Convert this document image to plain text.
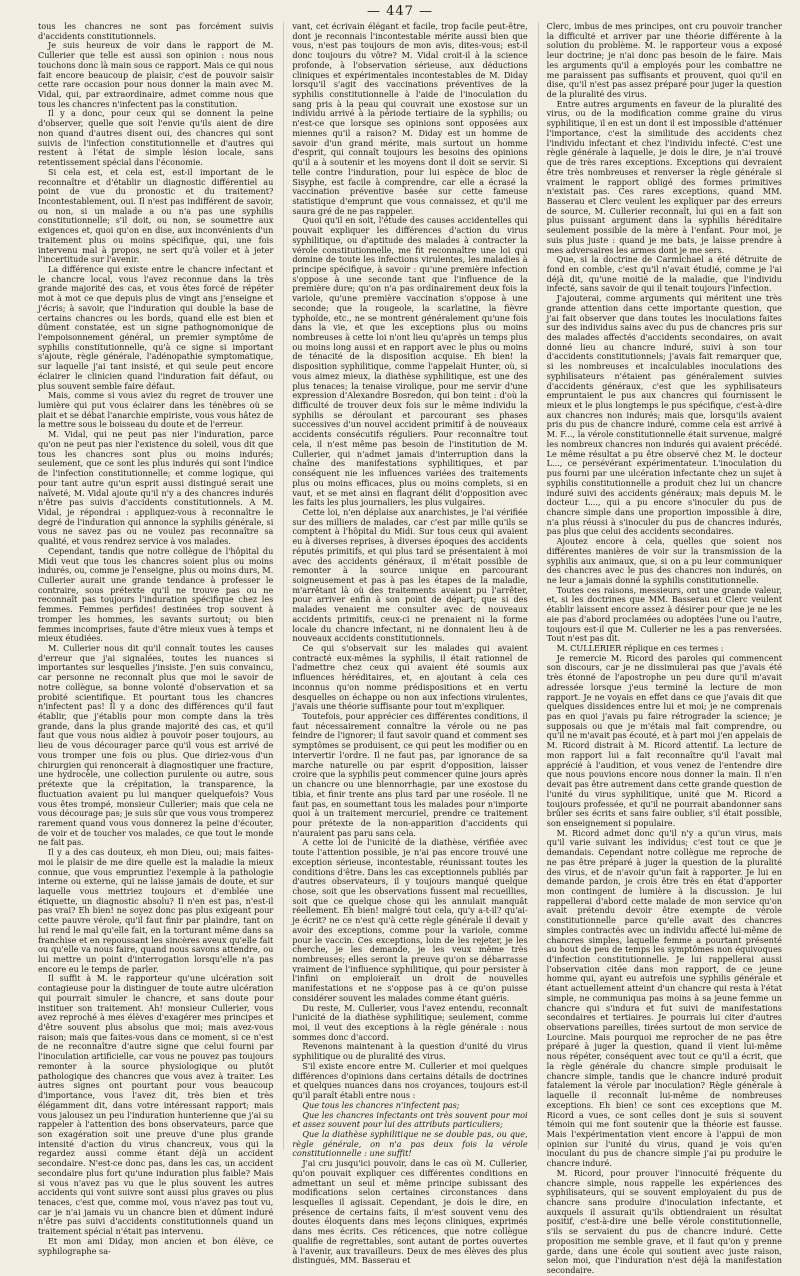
— 447 —

tous les chancres ne sont pas forcément suivis d'accidents constitutionnels.

Je suis heureux de voir dans le rapport de M. Cullerier que telle est aussi son opinion : nous nous touchons donc là main sous ce rapport. Mais ce qui nous fait encore beaucoup de plaisir, c'est de pouvoir saisir cette rare occasion pour nous donner la main avec M. Vidal, qui, par extraordinaire, admet comme nous que tous les chancres n'infectent pas la constitution.

Il y a donc, pour ceux qui se donnent la peine d'observer, quelle que soit l'envie qu'ils aient de dire non quand d'autres disent oui, des chancres qui sont suivis de l'infection constitutionnelle et d'autres qui restent à l'état de simple lésion locale, sans retentissement spécial dans l'économie.

Si cela est, et cela est, est-il important de le reconnaître et d'établir un diagnostic différentiel au point de vue du pronostic et du traitement? Incontestablement, oui. Il n'est pas indifférent de savoir, ou non, si un malade a ou n'a pas une syphilis constitutionnelle; s'il doit, ou non, se soumettre aux exigences et, quoi qu'on en dise, aux inconvénients d'un traitement plus ou moins spécifique, qui, une fois intervenu mal à propos, ne sert qu'à voiler et à jeter l'incertitude sur l'avenir.

La différence qui existe entre le chancre infectant et le chancre local, vous l'avez reconnue dans la très grande majorité des cas, et vous êtes forcé de répéter mot à mot ce que depuis plus de vingt ans j'enseigne et j'écris; à savoir, que l'induration qui double la base de certains chancres ou les bords, quand elle est bien et dûment constatée, est un signe pathognomonique de l'empoisonnement général, un premier symptôme de syphilis constitutionnelle, qu'à ce signe si important s'ajoute, règle générale, l'adénopathie symptomatique, sur laquelle j'ai tant insisté, et qui seule peut encore éclairer le clinicien quand l'induration fait défaut, ou plus souvent semble faire défaut.

Mais, comme si vous aviez du regret de trouver une lumière qui put vous éclairer dans les ténèbres où se plait et se débat l'anarchie empiriste, vous vous hâtez de la mettre sous le boisseau du doute et de l'erreur.

M. Vidal, qui ne peut pas nier l'induration, parce qu'on ne peut pas nier l'existence du soleil, vous dit que tous les chancres sont plus ou moins indurés; seulement, que ce sont les plus indurés qui sont l'indice de l'infection constitutionnelle; et comme logique, qui pour tant autre qu'un esprit aussi distingué serait une naïveté, M. Vidal ajoute qu'il n'y a des chancres indurés n'être pas suivis d'accidents constitutionnels. A M. Vidal, je répondrai : appliquez-vous à reconnaître le degré de l'induration qui annonce la syphilis générale, si vous ne savez pas ou ne voulez pas reconnaître sa qualité, et vous rendrez service à vos malades.

Cependant, tandis que notre collègue de l'hôpital du Midi veut que tous les chancres soient plus ou moins indurés, ou, comme je l'enseigne, plus ou moins durs, M. Cullerier aurait une grande tendance à professer le contraire, sous prétexte qu'il ne trouve pas ou ne reconnaît pas toujours l'induration spécifique chez les femmes. Femmes perfides! destinées trop souvent à tromper les hommes, les savants surtout; ou bien femmes incomprises, faute d'être mieux vues à temps et mieux étudiées.

M. Cullerier nous dit qu'il connaît toutes les causes d'erreur que j'ai signalées, toutes les nuances si importantes sur lesquelles j'insiste. J'en suis convaincu, car personne ne reconnaît plus que moi le savoir de notre collègue, sa bonne volonté d'observation et sa probité scientifique. Et pourtant tous les chancres n'infectent pas! Il y a donc des différences qu'il faut établir, que j'établis pour mon compte dans la très grande, dans la plus grande majorité des cas, et qu'il faut que vous nous aidiez à pouvoir poser toujours, au lieu de vous décourager parce qu'il vous est arrivé de vous tromper une fois ou plus. Que diriez-vous d'un chirurgien qui renoncerait à diagnostiquer une fracture, une hydrocèle, une collection purulente ou autre, sous prétexte que la crépitation, la transparence, la fluctuation avaient pu lui manquer quelquefois? Vous vous êtes trompé, monsieur Cullerier; mais que cela ne vous décourage pas; je suis sûr que vous vous tromperez rarement quand vous vous donnerez la peine d'écouter, de voir et de toucher vos malades, ce que tout le monde ne fait pas.

Il y a des cas douteux, eh mon Dieu, oui; mais faites-moi le plaisir de me dire quelle est la maladie la mieux connue, que vous empruntiez l'exemple à la pathologie interne ou externe, qui ne laisse jamais de doute, et sur laquelle vous mettriez toujours et d'emblée une étiquette, un diagnostic absolu? Il n'en est pas, n'est-il pas vrai? Eh bien! ne soyez donc pas plus exigeant pour cette pauvre vérole, qu'il faut finir par plaindre, tant on lui rend le mal qu'elle fait, en la torturant même dans sa franchise et en repoussant les sincères aveux qu'elle fait ou qu'elle va nous faire, quand nous savons attendre, ou lui mettre un point d'interrogation lorsqu'elle n'a pas encore eu le temps de parler.

Il suffit à M. le rapporteur qu'une ulcération soit contagieuse pour la distinguer de toute autre ulcération qui pourrait simuler le chancre, et sans doute pour instituer son traitement. Ah! monsieur Cullerier, vous avez reproché à mes élèves d'exagérer mes principes et d'être souvent plus absolus que moi; mais avez-vous raison; mais que faites-vous dans ce moment, si ce n'est de ne reconnaître d'autre signe que celui fourni par l'inoculation artificielle, car vous ne pouvez pas toujours remonter à la source physiologique ou plutôt pathologique des chancres que vous avez à traiter. Les autres signes ont pourtant pour vous beaucoup d'importance, vous l'avez dit, très bien et très élégamment dit, dans votre intéressant rapport; mais vous jalousez un peu l'induration hunterienne que j'ai su rappeler à l'attention des bons observateurs, parce que son exagération soit une preuve d'une plus grande intensité d'action du virus chancreux, vous qui la regardez aussi comme étant déjà un accident secondaire. N'est-ce donc pas, dans les cas, un accident secondaire plus fort qu'une induration plus faible? Mais si vous n'avez pas vu que le plus souvent les autres accidents qui vont suivre sont aussi plus graves ou plus tenaces, c'est que, comme moi, vous n'avez pas tout vu, car je n'ai jamais vu un chancre bien et dûment induré n'être pas suivi d'accidents constitutionnels quand un traitement spécial n'était pas intervenu.

Et mon ami Diday, mon ancien et bon élève, ce syphilographe sa-

vant, cet écrivain élégant et facile, trop facile peut-être, dont je reconnais l'incontestable mérite aussi bien que vous, n'est pas toujours de mon avis, dites-vous; est-il donc toujours du vôtre? M. Vidal croit-il à la science profonde, à l'observation sérieuse, aux déductions cliniques et expérimentales incontestables de M. Diday lorsqu'il s'agit des vaccinations préventives de la syphilis constitutionnelle à l'aide de l'inoculation du sang pris à la peau qui couvrait une exostose sur un individu arrivé à la période tertiaire de la syphilis; ou n'est-ce que lorsque ses opinions sont opposées aux miennes qu'il a raison? M. Diday est un homme de savoir d'un grand mérite, mais surtout un homme d'esprit, qui connaît toujours les besoins des opinions qu'il a à soutenir et les moyens dont il doit se servir. Si telle contre l'induration, pour lui espèce de bloc de Sisyphe, est facile à comprendre, car elle a écrasé la vaccination préventive basée sur cette fameuse statistique d'emprunt que vous connaissez, et qu'il me saura gré de ne pas rappeler.

Quoi qu'il en soit, l'étude des causes accidentelles qui pouvait expliquer les différences d'action du virus syphilitique, ou d'aptitude des malades à contracter la vérole constitutionnelle, me fit reconnaître une loi qui domine de toute les infections virulentes, les maladies à principe spécifique, à savoir : qu'une première infection s'oppose à une seconde tant que l'influence de la première dure; qu'on n'a pas ordinairement deux fois la variole, qu'une première vaccination s'oppose à une seconde; que la rougeole, la scarlatine, la fièvre typhoïde, etc., ne se montrent généralement qu'une fois dans la vie, et que les exceptions plus ou moins nombreuses à cette loi n'ont lieu qu'après un temps plus ou moins long aussi et en rapport avec le plus ou moins de ténacité de la disposition acquise. Eh bien! la disposition syphilitique, comme l'appelait Hunter, où, si vous aimez mieux, la diathèse syphilitique, est une des plus tenaces; la tenaise virolique, pour me servir d'une expression d'Alexandre Bosredon, qui bon teint : d'où la difficulté de trouver deux fois sur le même individu la syphilis se déroulant et parcourant ses phases successives d'un nouvel accident primitif à de nouveaux accidents consécutifs réguliers. Pour reconnaître tout cela, il n'est même pas besoin de l'institution de M. Cullerier, qui n'admet jamais d'interruption dans la chaîne des manifestations syphilitiques, et par conséquent nie les influences variées des traitements plus ou moins efficaces, plus ou moins complets, si en vaut, et se met ainsi en flagrant délit d'opposition avec les faits les plus journaliers, les plus vulgaires.

Cette loi, n'en déplaise aux anarchistes, je l'ai vérifiée sur des milliers de malades, car c'est par mille qu'ils se comptent à l'hôpital du Midi. Sur tous ceux qui avaient eu à diverses reprises, à diverses époques des accidents réputés primitifs, et qui plus tard se présentaient à moi avec des accidents généraux, il m'était possible de remonter à la source unique en parcourant soigneusement et pas à pas les étapes de la maladie, m'arrêtant là où des traitements avaient pu l'arrêter, pour arriver enfin à son point de départ; que si des malades venaient me consulter avec de nouveaux accidents primitifs, ceux-ci ne prenaient ni la forme locale du chancre infectant, ni ne donnaient lieu à de nouveaux accidents constitutionnels.

Ce qui s'observait sur les malades qui avaient contracté eux-mêmes la syphilis, il était rationnel de l'admettre chez ceux qui avaient été soumis aux influences héréditaires, et, en ajoutant à cela ces inconnus qu'on nomme prédispositions et en vertu desquelles on échappe ou non aux infections virulentes, j'avais une théorie suffisante pour tout m'expliquer.

Toutefois, pour apprécier ces différentes conditions, il faut nécessairement connaître la vérole ou ne pas feindre de l'ignorer; il faut savoir quand et comment ses symptômes se produisent, ce qui peut les modifier ou en intervertir l'ordre. Il ne faut pas, par ignorance de sa marche naturelle ou par esprit d'opposition, laisser croire que la syphilis peut commencer quine jours après un chancre ou une blennorrhagie, par une exostose du tibia, et finir trente ans plus tard par une roséole. Il ne faut pas, en soumettant tous les malades pour n'importe quoi à un traitement mercuriel, prendre ce traitement pour prétexte de la non-apparition d'accidents qui n'auraient pas paru sans cela.

A cette loi de l'unicité de la diathèse, vérifiée avec toute l'attention possible, je n'ai pas encore trouvé une exception sérieuse, incontestable, réunissant toutes les conditions d'être. Dans les cas exceptionnels publiés par d'autres observateurs, il y toujours manqué quelque chose, soit que les observations fussent mal recueillies, soit que ce quelque chose qui les annulait manquât réellement. Eh bien! malgré tout cela, qu'y a-t-il? qu'ai-je écrit? ne ce n'est qu'à cette règle générale il devait y avoir des exceptions, comme pour la variole, comme pour le vaccin. Ces exceptions, loin de les rejeter, je les cherche, je les demande, je les veux même très nombreuses; elles seront la preuve qu'on se débarrasse vraiment de l'influence syphilitique, qui pour persister à l'infini on emploierait un droit de nouvelles manifestations et ne s'oppose pas à ce qu'on puisse considérer souvent les malades comme étant guéris.

Du reste, M. Cullerier, vous l'avez entendu, reconnaît l'unicité de la diathèse syphilitique; seulement, comme moi, il veut des exceptions à la règle générale : nous sommes donc d'accord.

Revenons maintenant à la question d'unité du virus syphilitique ou de pluralité des virus.

S'il existe encore entre M. Cullerier et moi quelques différences d'opinions dans certains détails de doctrines et quelques nuances dans nos croyances, toujours est-il qu'il paraît établi entre nous :

Que tous les chancres n'infectent pas;

Que les chancres infectants ont très souvent pour moi et assez souvent pour lui des attributs particuliers;

Que la diathèse syphilitique ne se double pas, ou que, règle générale, on n'a pas deux fois la vérole constitutionnelle : une suffit!

J'ai cru jusqu'ici pouvoir, dans le cas où M. Cullerier, qu'on pouvait expliquer ces différentes conditions en admettant un seul et même principe subissant des modifications selon certaines circonstances dans lesquelles il agissait. Cependant, je dois le dire, en présence de certains faits, il m'est souvent venu des doutes éloquents dans mes leçons cliniques, exprimés dans mes écrits. Ces réticences, que notre collègue qualifie de regrettables, sont autant de portes ouvertes à l'avenir, aux travailleurs. Deux de mes élèves des plus distingués, MM. Basserau et

Clerc, imbus de mes principes, ont cru pouvoir trancher la difficulté et arriver par une théorie différente à la solution du problème. M. le rapporteur vous a exposé leur doctrine; je n'ai donc pas besoin de le faire. Mais les arguments qu'il a employés pour les combattre ne me paraissent pas suffisants et prouvent, quoi qu'il en dise, qu'il n'est pas assez préparé pour juger la question de la pluralité des virus.

Entre autres arguments en faveur de la pluralité des virus, ou de la modification comme graine du virus syphilitique, il en est un dont il est impossible d'atténuer l'importance, c'est la similitude des accidents chez l'individu infectant et chez l'individu infecté. C'est une règle générale à laquelle, je dois le dire, je n'ai trouvé que de très rares exceptions. Exceptions qui devraient être très nombreuses et renverser la règle générale si vraiment le rapport obligé des formes primitives n'existait pas. Ces rares exceptions, quand MM. Basserau et Clerc veulent les expliquer par des erreurs de source, M. Cullerier reconnaît, lui qui en a fait son plus puissant argument dans la syphilis héréditaire seulement possible de la mère à l'enfant. Pour moi, je suis plus juste : quand je me bats, je laisse prendre à mes adversaires les armes dont je me sers.

Que, si la doctrine de Carmichael a été détruite de fond en comble, c'est qu'il n'avait étudié, comme je l'ai déjà dit, qu'une moitié de la maladie, que l'individu infecté, sans savoir de qui il tenait toujours l'infection.

J'ajouterai, comme arguments qui méritent une très grande attention dans cette importante question, que j'ai fait observer que dans toutes les inoculations faites sur des individus sains avec du pus de chancres pris sur des malades affectés d'accidents secondaires, on avait donné lieu au chancre induré, suivi à son tour d'accidents constitutionnels; j'avais fait remarquer que, si les nombreuses et incalculables inoculations des syphilisateurs n'étaient pas généralement suivies d'accidents généraux, c'est que les syphilisateurs empruntaient le pus aux chancres qui fournissent le mieux et le plus longtemps le pus spécifique, c'est-à-dire aux chancres non indurés; mais que, lorsqu'ils avaient pris du pus de chancre induré, comme cela est arrivé à M. F..., la vérole constitutionnelle était survenue, malgré les nombreux chancres non indurés qui avaient précédé. Le même résultat a pu être observé chez M. le docteur L..., ce persévérant expérimentateur. L'inoculation du pus fourni par une ulcération infectante chez un sujet à syphilis constitutionnelle a produit chez lui un chancre induré suivi des accidents généraux; mais depuis M. le docteur L..., qui a pu encore s'inoculer du pus de chancre simple dans une proportion impossible à dire, n'a plus réussi à s'inoculer du pus de chancres indurés, pas plus que celui des accidents secondaires.

Ajoutez encore à cela, quelles que soient nos différentes manières de voir sur la transmission de la syphilis aux animaux, que, si on a pu leur communiquer des chancres avec le pus des chancres non indurés, on ne leur a jamais donné la syphilis constitutionnelle.

Toutes ces raisons, messieurs, ont une grande valeur, et, si les doctrines que MM. Basserau et Clerc veulent établir laissent encore assez à désirer pour que je ne les aie pas d'abord proclamées ou adoptées l'une ou l'autre, toujours est-il que M. Cullerier ne les a pas renversées. Tout n'est pas dit.

M. CULLERIER réplique en ces termes :

Je remercie M. Ricord des paroles qui commencent son discours, car je ne dissimulerai pas que j'avais été très étonné de l'apostrophe un peu dure qu'il m'avait adressée lorsque j'eus terminé la lecture de mon rapport. Je ne voyais en effet dans ce que j'avais dit que quelques dissidences entre lui et moi; je ne comprenais pas en quoi j'avais pu faire rétrograder la science; je supposais ou que je m'étais mal fait comprendre, ou qu'il ne m'avait pas écouté, et à part moi j'en appelais de M. Ricord distrait à M. Ricord attentif. La lecture de mon rapport lui a fait reconnaître qu'il l'avait mal apprécié à l'audition, et vous venez de l'entendre dire que nous pouvions encore nous donner la main. Il n'en devait pas être autrement dans cette grande question de l'unité du virus syphilitique, unité que M. Ricord a toujours professée, et qu'il ne pourrait abandonner sans brûler ses écrits et sans faire oublier, s'il était possible, son enseignement si populaire.

M. Ricord admet donc qu'il n'y a qu'un virus, mais qu'il varie suivant les individus; c'est tout ce que je demandais. Cependant notre collègue me reproche de ne pas être préparé à juger la question de la pluralité des virus, et de n'avoir qu'un fait à rapporter. Je lui en demande pardon, je crois être très en état d'apporter mon contingent de lumière à la discussion. Je lui rappellerai d'abord cette malade de mon service qu'on avait prétendu devoir être exempte de vérole constitutionnelle parce qu'elle avait des chancres simples contractés avec un individu affecté lui-même de chancres simples, laquelle femme a pourtant présenté au bout de peu de temps les symptômes non équivoques d'infection constitutionnelle. Je lui rappellerai aussi l'observation citée dans mon rapport, de ce jeune homme qui, ayant eu autrefois une syphilis générale et étant actuellement atteint d'un chancre qui resta à l'état simple, ne communiqua pas moins à sa jeune femme un chancre qui s'indura et fut suivi de manifestations secondaires et tertiaires. Je pourrais lui citer d'autres observations pareilles, tirées surtout de mon service de Lourcine. Mais pourquoi me reprocher de ne pas être préparé à juger la question, quand il vient lui-même nous répéter, conséquent avec tout ce qu'il a écrit, que la règle générale du chancre simple produisait le chancre simple, tandis que le chancre induré produit fatalement la vérole par inoculation? Règle générale à laquelle il reconnaît lui-même de nombreuses exceptions. Eh bien! ce sont ces exceptions que M. Ricord a vues, ce sont celles dont je suis si souvent témoin qui me font soutenir que la théorie est fausse. Mais l'expérimentation vient encore à l'appui de mon opinion sur l'unité du virus, quand je vois qu'en inoculant du pus de chancre simple j'ai pu produire le chancre induré.

M. Ricord, pour prouver l'innocuité fréquente du chancre simple, nous rappelle les expériences des syphilisateurs, qui se souvent employaient du pus de chancre sans produire d'inoculation infectante, et auxquels il assurait qu'ils obtiendraient un résultat positif, c'est-à-dire une belle vérole constitutionnelle, s'ils se servaient du pus de chancre induré. Cette proposition me semble grave, et il faut qu'on y prenne garde, dans une école qui soutient avec juste raison, selon moi, que l'induration n'est déjà la manifestation secondaire.
